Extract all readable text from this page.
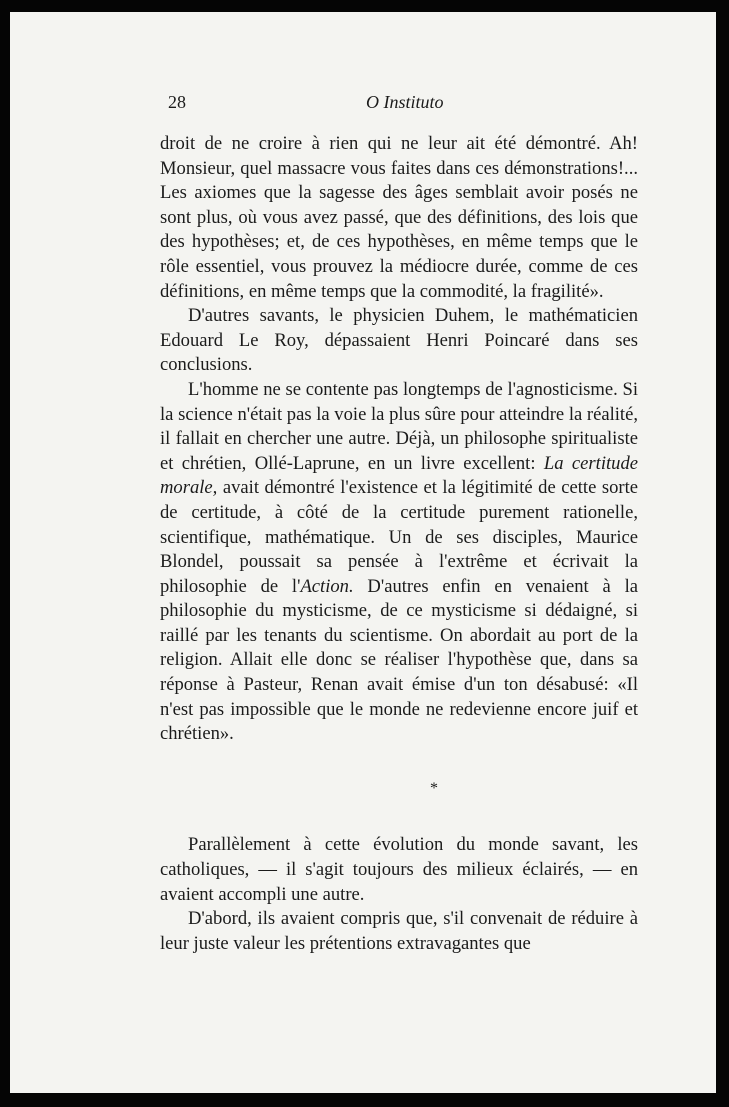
28	O Instituto

droit de ne croire à rien qui ne leur ait été démontré. Ah! Monsieur, quel massacre vous faites dans ces démonstrations!... Les axiomes que la sagesse des âges semblait avoir posés ne sont plus, où vous avez passé, que des définitions, des lois que des hypothèses; et, de ces hypothèses, en même temps que le rôle essentiel, vous prouvez la médiocre durée, comme de ces définitions, en même temps que la commodité, la fragilité».

D'autres savants, le physicien Duhem, le mathématicien Edouard Le Roy, dépassaient Henri Poincaré dans ses conclusions.

L'homme ne se contente pas longtemps de l'agnosticisme. Si la science n'était pas la voie la plus sûre pour atteindre la réalité, il fallait en chercher une autre. Déjà, un philosophe spiritualiste et chrétien, Ollé-Laprune, en un livre excellent: La certitude morale, avait démontré l'existence et la légitimité de cette sorte de certitude, à côté de la certitude purement rationelle, scientifique, mathématique. Un de ses disciples, Maurice Blondel, poussait sa pensée à l'extrême et écrivait la philosophie de l'Action. D'autres enfin en venaient à la philosophie du mysticisme, de ce mysticisme si dédaigné, si raillé par les tenants du scientisme. On abordait au port de la religion. Allait elle donc se réaliser l'hypothèse que, dans sa réponse à Pasteur, Renan avait émise d'un ton désabusé: «Il n'est pas impossible que le monde ne redevienne encore juif et chrétien».

*

Parallèlement à cette évolution du monde savant, les catholiques, — il s'agit toujours des milieux éclairés, — en avaient accompli une autre.

D'abord, ils avaient compris que, s'il convenait de réduire à leur juste valeur les prétentions extravagantes que
